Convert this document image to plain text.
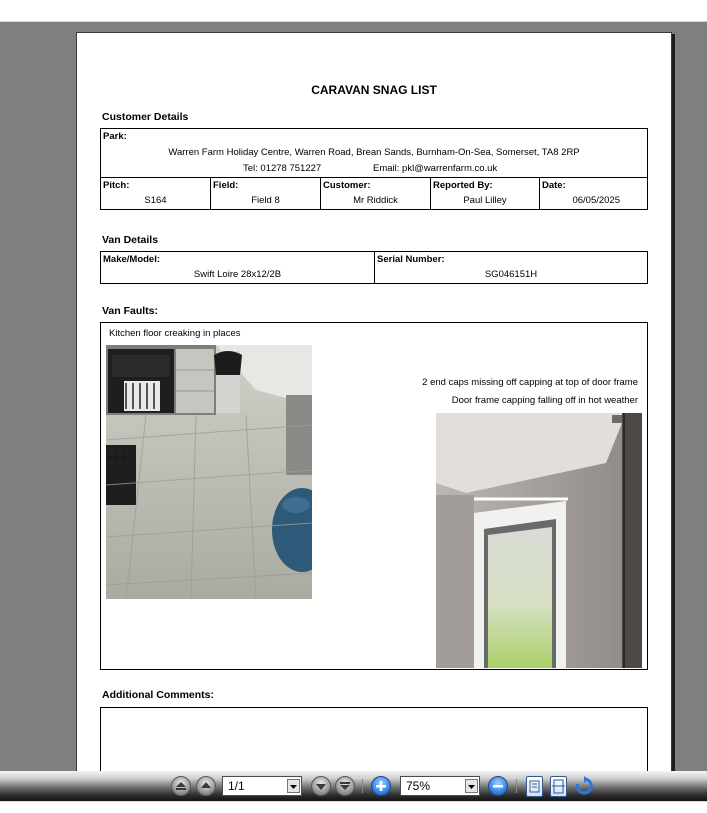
CARAVAN SNAG LIST
Customer Details
Park:
Warren Farm Holiday Centre, Warren Road, Brean Sands, Burnham-On-Sea, Somerset, TA8 2RP
Tel: 01278 751227	Email: pkl@warrenfarm.co.uk

Pitch:
S164

Field:
Field 8

Customer:
Mr Riddick

Reported By:
Paul Lilley

Date:
06/05/2025
Van Details
Make/Model:
Swift Loire 28x12/2B

Serial Number:
SG046151H
Van Faults:
Kitchen floor creaking in places
2 end caps missing off capping at top of door frame
Door frame capping falling off in hot weather
Additional Comments:
1/1	75%
